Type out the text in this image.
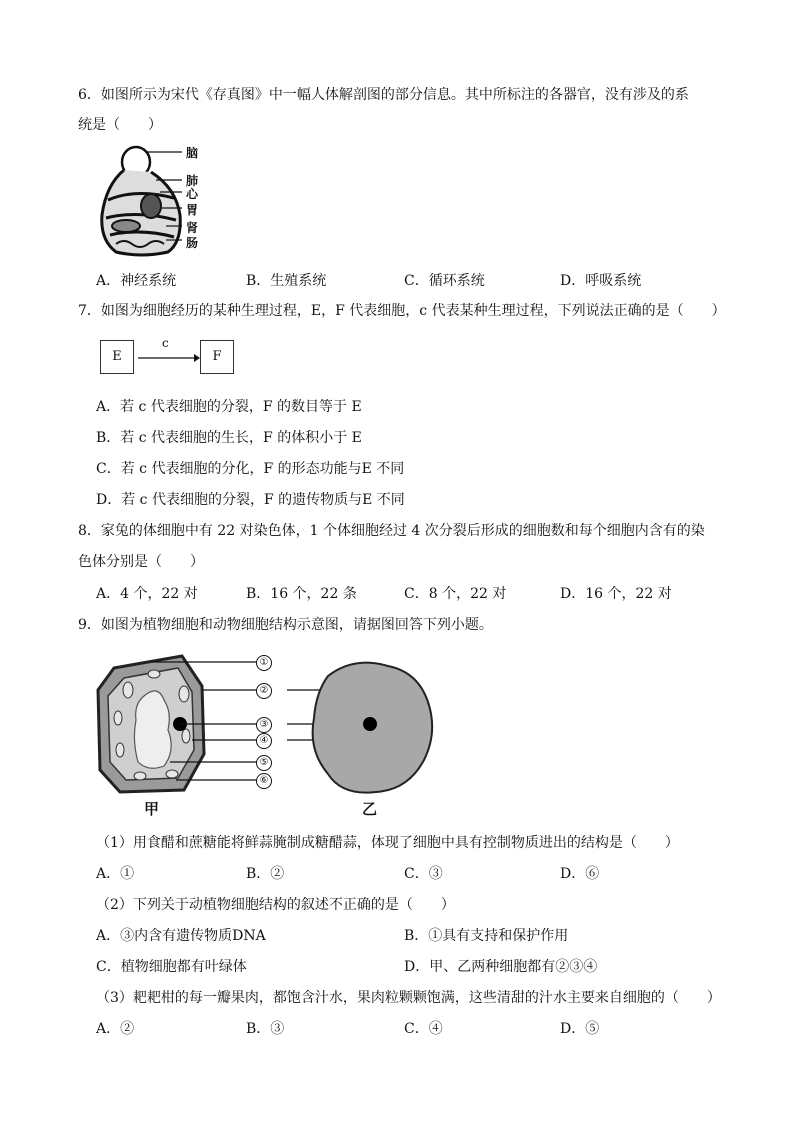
6．如图所示为宋代《存真图》中一幅人体解剖图的部分信息。其中所标注的各器官，没有涉及的系
统是（　　）
脑
肺
心
胃
肾
肠
A．神经系统	B．生殖系统	C．循环系统	D．呼吸系统
7．如图为细胞经历的某种生理过程，E，F 代表细胞，c 代表某种生理过程，下列说法正确的是（　　）
E
c
F
A．若 c 代表细胞的分裂，F 的数目等于 E
B．若 c 代表细胞的生长，F 的体积小于 E
C．若 c 代表细胞的分化，F 的形态功能与E 不同
D．若 c 代表细胞的分裂，F 的遗传物质与E 不同
8．家兔的体细胞中有 22 对染色体，1 个体细胞经过 4 次分裂后形成的细胞数和每个细胞内含有的染
色体分别是（　　）
A．4 个，22 对	B．16 个，22 条	C．8 个，22 对	D．16 个，22 对
9．如图为植物细胞和动物细胞结构示意图，请据图回答下列小题。
①
②
③
④
⑤
⑥
甲	乙
（1）用食醋和蔗糖能将鲜蒜腌制成糖醋蒜，体现了细胞中具有控制物质进出的结构是（　　）
A．①	B．②	C．③	D．⑥
（2）下列关于动植物细胞结构的叙述不正确的是（　　）
A．③内含有遗传物质DNA	B．①具有支持和保护作用
C．植物细胞都有叶绿体	D．甲、乙两种细胞都有②③④
（3）耙耙柑的每一瓣果肉，都饱含汁水，果肉粒颗颗饱满，这些清甜的汁水主要来自细胞的（　　）
A．②	B．③	C．④	D．⑤
